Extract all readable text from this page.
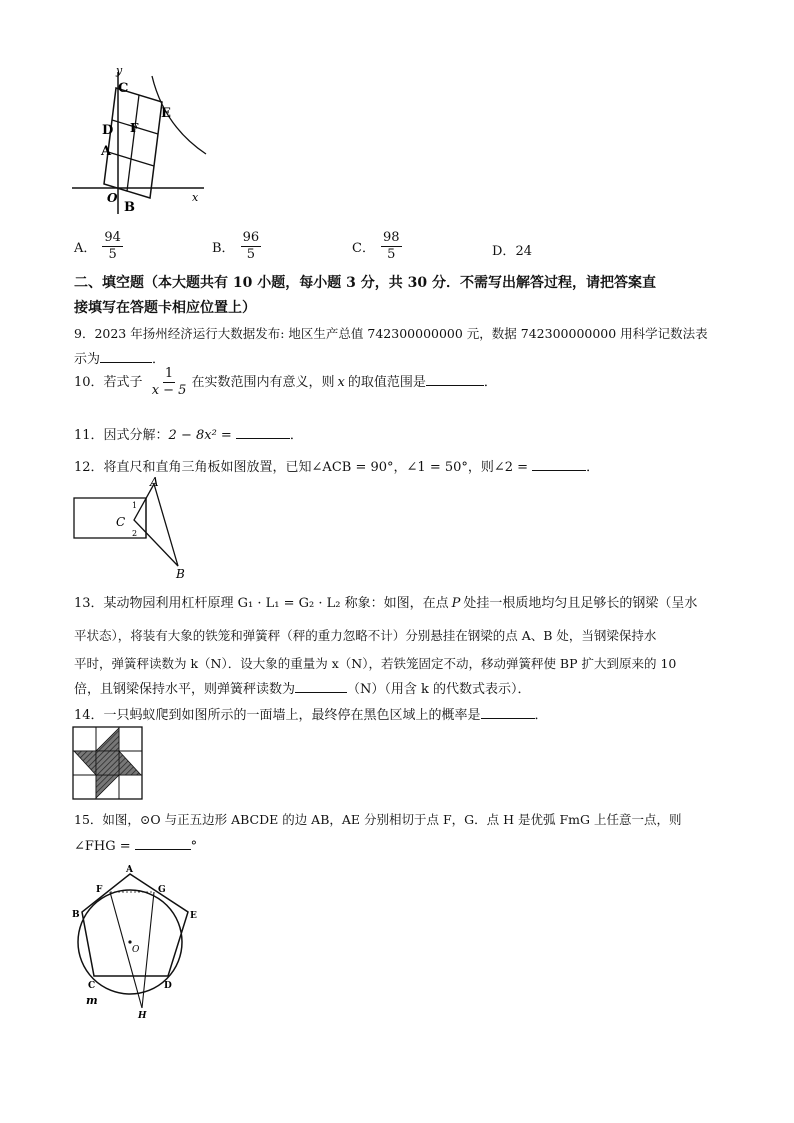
y
C
E
D F
A
O
B
x
A． $\frac{94}{5}$	B． $\frac{96}{5}$	C． $\frac{98}{5}$	D．24
二、填空题（本大题共有 10 小题，每小题 3 分，共 30 分．不需写出解答过程，请把答案直
接填写在答题卡相应位置上）
9．2023 年扬州经济运行大数据发布: 地区生产总值 742300000000 元，数据 742300000000 用科学记数法表
示为	．
10．若式子 $\frac{1}{x - 5}$ 在实数范围内有意义，则 x 的取值范围是	．
11．因式分解：2 − 8x² =	．
12．将直尺和直角三角板如图放置，已知∠ACB = 90°，∠1 = 50°，则∠2 =	．
A
C
1
2
B
13．某动物园利用杠杆原理 G₁ · L₁ = G₂ · L₂ 称象：如图，在点 P 处挂一根质地均匀且足够长的钢梁（呈水
平状态），将装有大象的铁笼和弹簧秤（秤的重力忽略不计）分别悬挂在钢梁的点 A、B 处，当钢梁保持水
平时，弹簧秤读数为 k（N）．设大象的重量为 x（N），若铁笼固定不动，移动弹簧秤使 BP 扩大到原来的 10
倍，且钢梁保持水平，则弹簧秤读数为	（N）（用含 k 的代数式表示）．
14．一只蚂蚁爬到如图所示的一面墙上，最终停在黑色区域上的概率是	．
15．如图，⊙O 与正五边形 ABCDE 的边 AB，AE 分别相切于点 F，G．点 H 是优弧 FmG 上任意一点，则
∠FHG =	°
A
F	G
B	E
O
C	D
m
H
